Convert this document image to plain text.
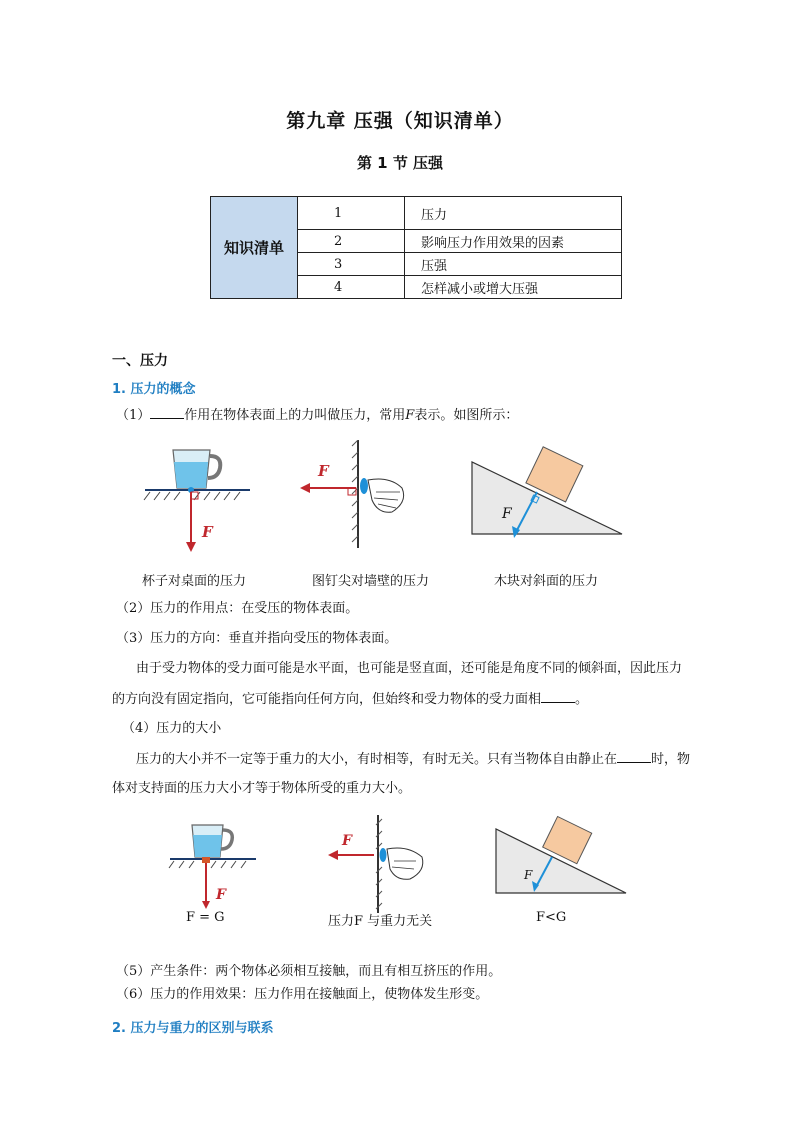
第九章 压强（知识清单）
第 1 节 压强
知识清单	1	压力
	2	影响压力作用效果的因素
	3	压强
	4	怎样减小或增大压强
一、压力
1. 压力的概念
（1）	作用在物体表面上的力叫做压力，常用F表示。如图所示：
F
F
F
杯子对桌面的压力	图钉尖对墙壁的压力	木块对斜面的压力
（2）压力的作用点：在受压的物体表面。
（3）压力的方向：垂直并指向受压的物体表面。
由于受力物体的受力面可能是水平面，也可能是竖直面，还可能是角度不同的倾斜面，因此压力
的方向没有固定指向，它可能指向任何方向，但始终和受力物体的受力面相	。
（4）压力的大小
压力的大小并不一定等于重力的大小，有时相等，有时无关。只有当物体自由静止在	时，物
体对支持面的压力大小才等于物体所受的重力大小。
F
F
F
F = G	压力F 与重力无关	F<G
（5）产生条件：两个物体必须相互接触，而且有相互挤压的作用。
（6）压力的作用效果：压力作用在接触面上，使物体发生形变。
2. 压力与重力的区别与联系
